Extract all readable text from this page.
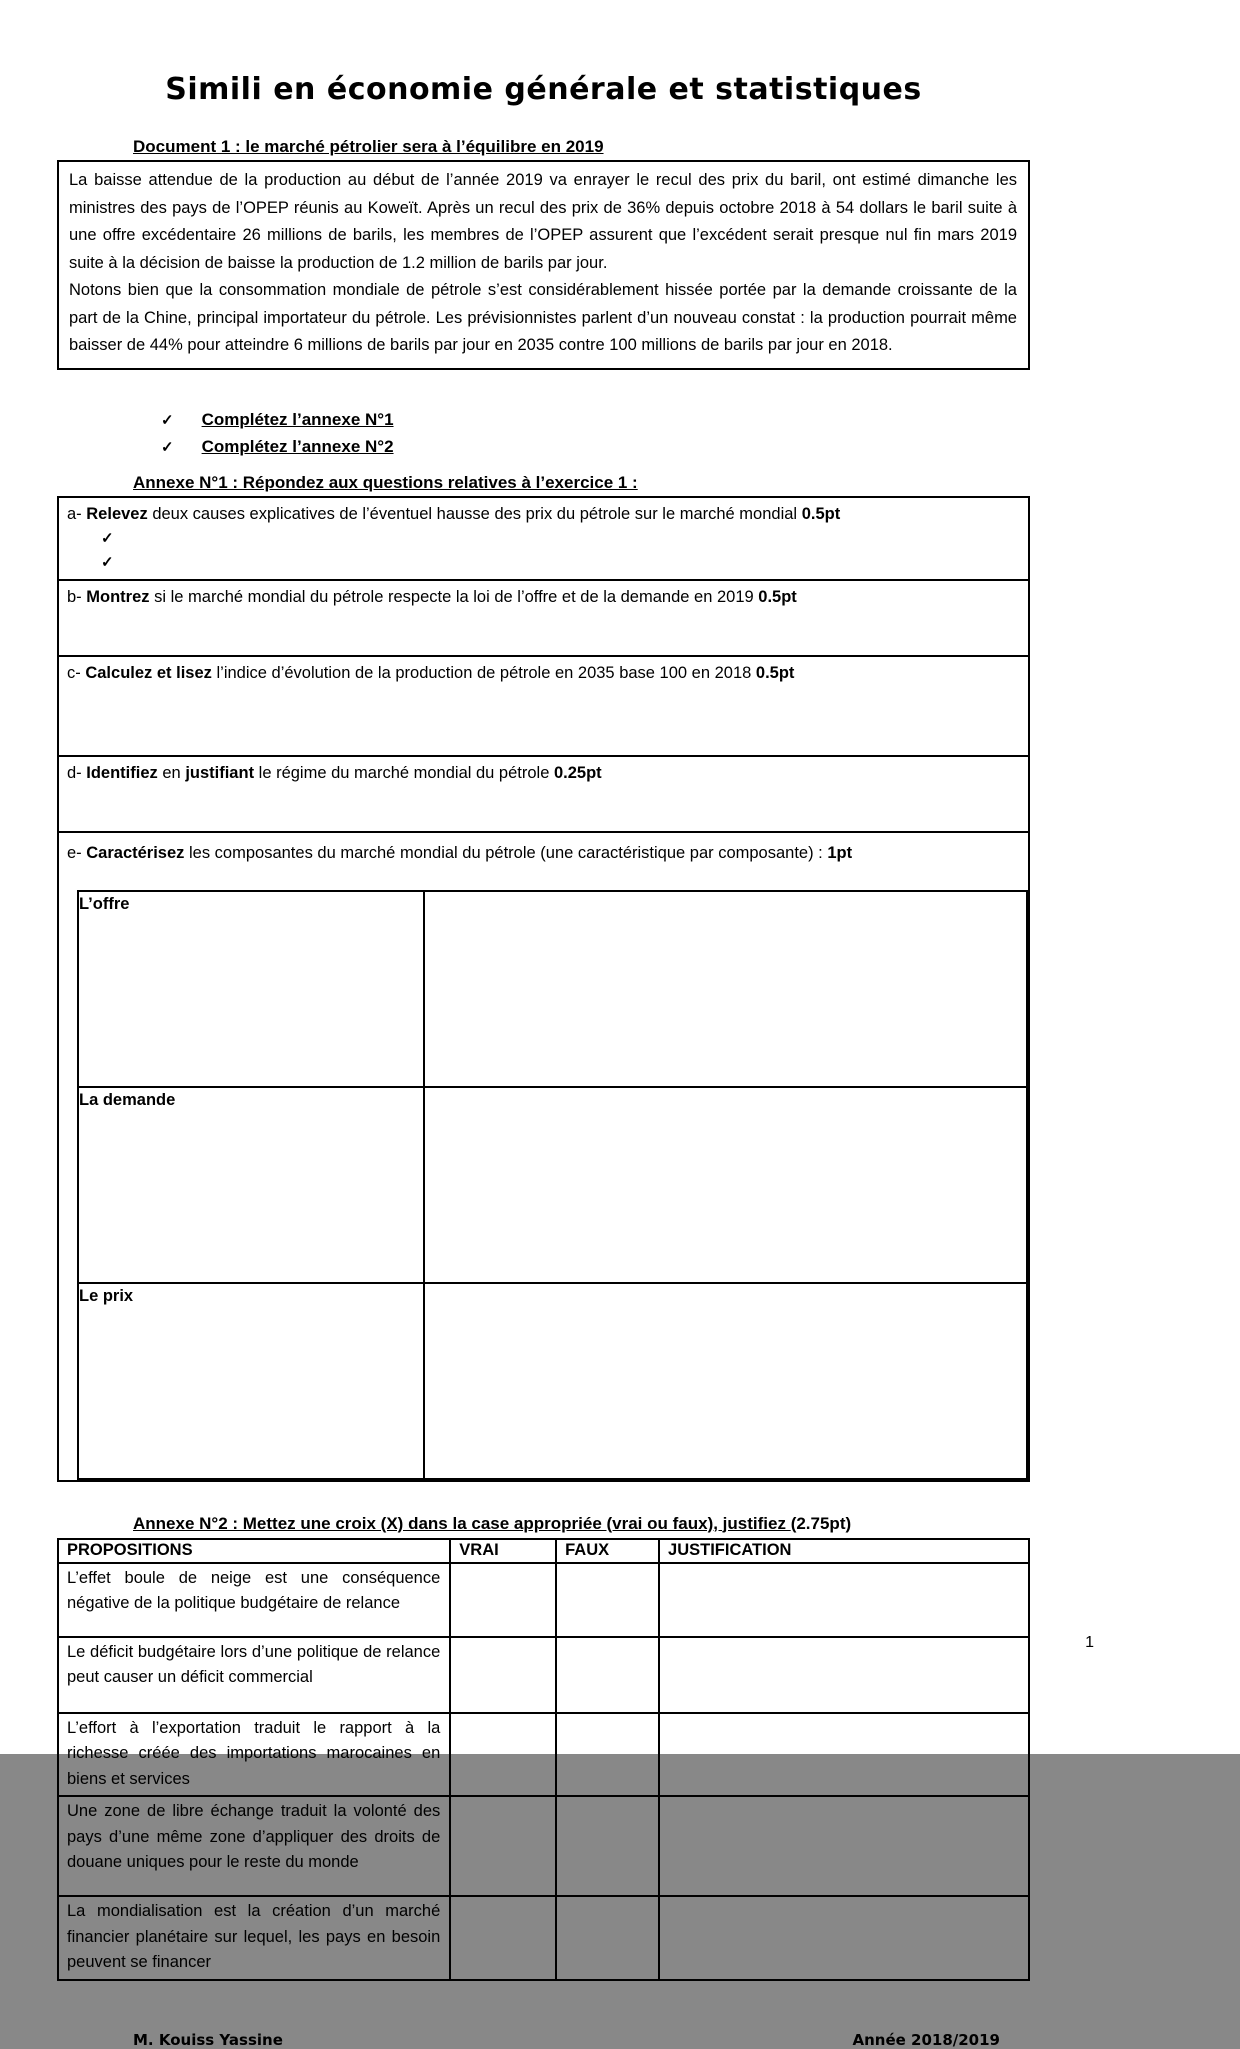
Simili en économie générale et statistiques
Document 1 : le marché pétrolier sera à l’équilibre en 2019

La baisse attendue de la production au début de l’année 2019 va enrayer le recul des prix du baril, ont estimé dimanche les ministres des pays de l’OPEP réunis au Koweït. Après un recul des prix de 36% depuis octobre 2018 à 54 dollars le baril suite à une offre excédentaire 26 millions de barils, les membres de l’OPEP assurent que l’excédent serait presque nul fin mars 2019 suite à la décision de baisse la production de 1.2 million de barils par jour.

Notons bien que la consommation mondiale de pétrole s’est considérablement hissée portée par la demande croissante de la part de la Chine, principal importateur du pétrole. Les prévisionnistes parlent d’un nouveau constat : la production pourrait même baisser de 44% pour atteindre 6 millions de barils par jour en 2035 contre 100 millions de barils par jour en 2018.

✓ Complétez l’annexe N°1
✓ Complétez l’annexe N°2
Annexe N°1 : Répondez aux questions relatives à l’exercice 1 :
a- Relevez deux causes explicatives de l’éventuel hausse des prix du pétrole sur le marché mondial 0.5pt
✓
✓

b- Montrez si le marché mondial du pétrole respecte la loi de l’offre et de la demande en 2019 0.5pt

c- Calculez et lisez l’indice d’évolution de la production de pétrole en 2035 base 100 en 2018 0.5pt

d- Identifiez en justifiant le régime du marché mondial du pétrole 0.25pt

e- Caractérisez les composantes du marché mondial du pétrole (une caractéristique par composante) : 1pt
L’offre	
La demande	
Le prix	
Annexe N°2 : Mettez une croix (X) dans la case appropriée (vrai ou faux), justifiez (2.75pt)
PROPOSITIONS	VRAI	FAUX	JUSTIFICATION
L’effet boule de neige est une conséquence négative de la politique budgétaire de relance			
Le déficit budgétaire lors d’une politique de relance peut causer un déficit commercial			
L’effort à l’exportation traduit le rapport à la richesse créée des importations marocaines en biens et services			
Une zone de libre échange traduit la volonté des pays d’une même zone d’appliquer des droits de douane uniques pour le reste du monde			
La mondialisation est la création d’un marché financier planétaire sur lequel, les pays en besoin peuvent se financer			
M. Kouiss Yassine	Année 2018/2019
1
